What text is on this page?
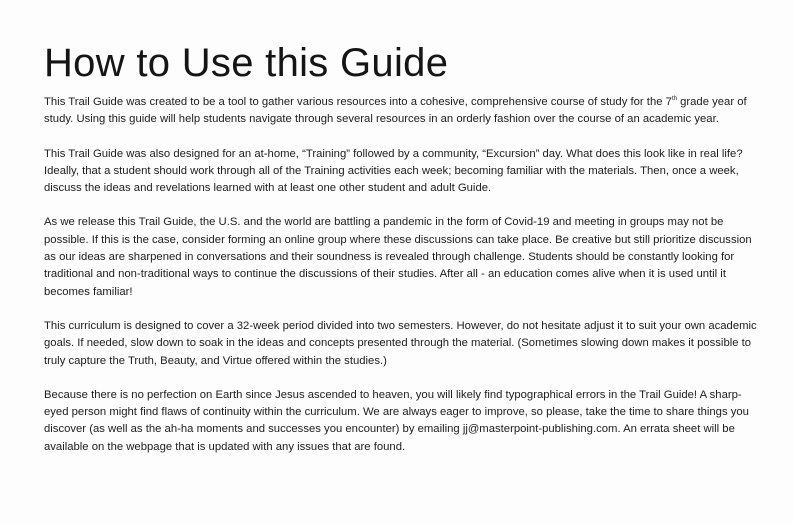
How to Use this Guide

This Trail Guide was created to be a tool to gather various resources into a cohesive, comprehensive course of study for the 7th grade year of study. Using this guide will help students navigate through several resources in an orderly fashion over the course of an academic year.

This Trail Guide was also designed for an at-home, “Training” followed by a community, “Excursion” day. What does this look like in real life? Ideally, that a student should work through all of the Training activities each week; becoming familiar with the materials. Then, once a week, discuss the ideas and revelations learned with at least one other student and adult Guide.

As we release this Trail Guide, the U.S. and the world are battling a pandemic in the form of Covid-19 and meeting in groups may not be possible. If this is the case, consider forming an online group where these discussions can take place. Be creative but still prioritize discussion as our ideas are sharpened in conversations and their soundness is revealed through challenge. Students should be constantly looking for traditional and non-traditional ways to continue the discussions of their studies. After all - an education comes alive when it is used until it becomes familiar!

This curriculum is designed to cover a 32-week period divided into two semesters. However, do not hesitate adjust it to suit your own academic goals. If needed, slow down to soak in the ideas and concepts presented through the material. (Sometimes slowing down makes it possible to truly capture the Truth, Beauty, and Virtue offered within the studies.)

Because there is no perfection on Earth since Jesus ascended to heaven, you will likely find typographical errors in the Trail Guide! A sharp-eyed person might find flaws of continuity within the curriculum. We are always eager to improve, so please, take the time to share things you discover (as well as the ah-ha moments and successes you encounter) by emailing jj@masterpoint-publishing.com. An errata sheet will be available on the webpage that is updated with any issues that are found.
